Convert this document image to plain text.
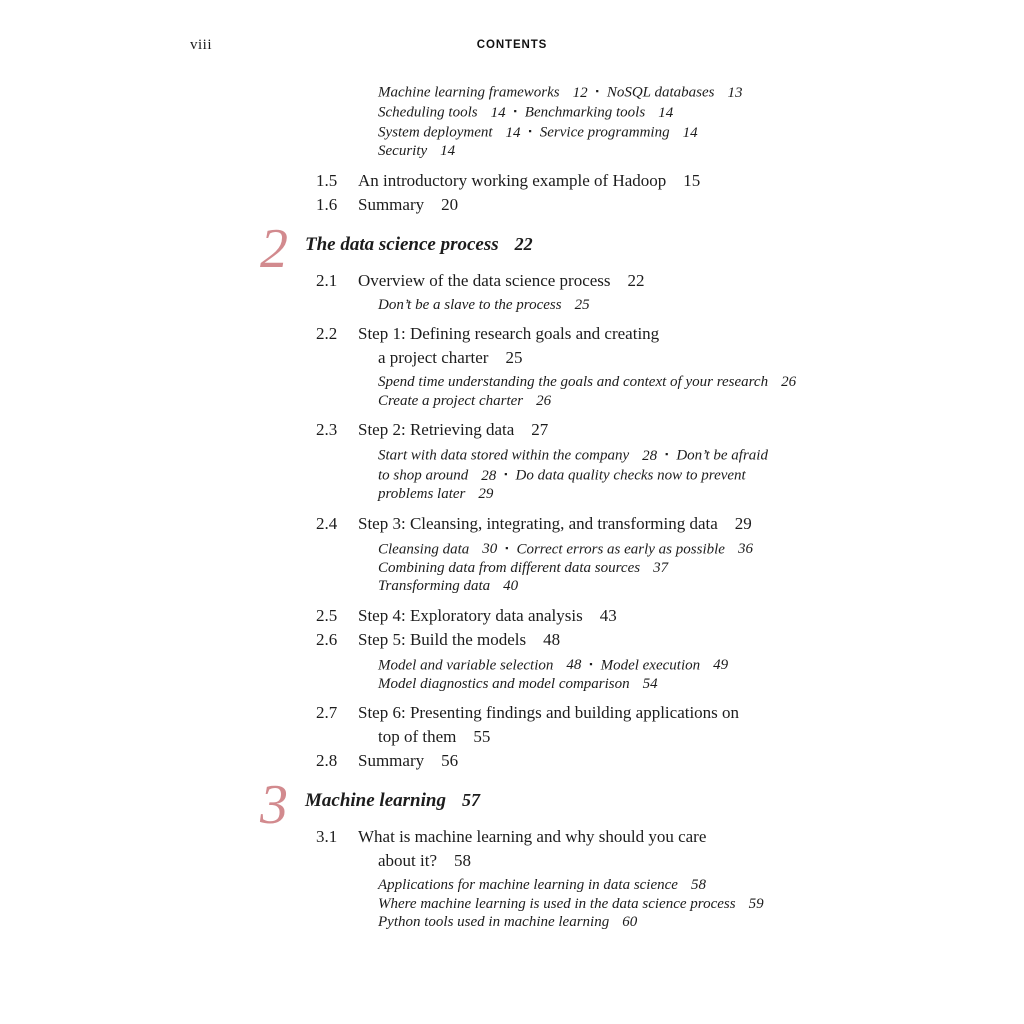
viii	CONTENTS
Machine learning frameworks 12 ▪ NoSQL databases 13
Scheduling tools 14 ▪ Benchmarking tools 14
System deployment 14 ▪ Service programming 14
Security 14
1.5 An introductory working example of Hadoop 15
1.6 Summary 20
2 The data science process 22
2.1 Overview of the data science process 22
Don’t be a slave to the process 25
2.2 Step 1: Defining research goals and creating
a project charter 25
Spend time understanding the goals and context of your research 26
Create a project charter 26
2.3 Step 2: Retrieving data 27
Start with data stored within the company 28 ▪ Don’t be afraid
to shop around 28 ▪ Do data quality checks now to prevent
problems later 29
2.4 Step 3: Cleansing, integrating, and transforming data 29
Cleansing data 30 ▪ Correct errors as early as possible 36
Combining data from different data sources 37
Transforming data 40
2.5 Step 4: Exploratory data analysis 43
2.6 Step 5: Build the models 48
Model and variable selection 48 ▪ Model execution 49
Model diagnostics and model comparison 54
2.7 Step 6: Presenting findings and building applications on
top of them 55
2.8 Summary 56
3 Machine learning 57
3.1 What is machine learning and why should you care
about it? 58
Applications for machine learning in data science 58
Where machine learning is used in the data science process 59
Python tools used in machine learning 60
